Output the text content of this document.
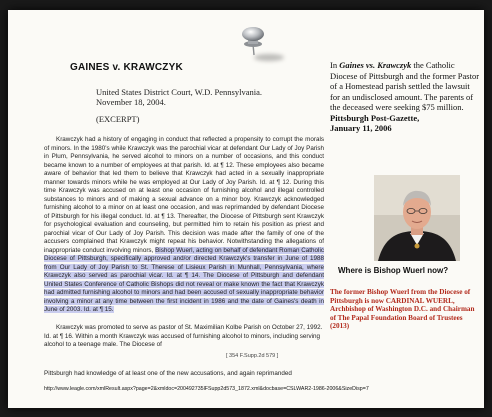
GAINES v. KRAWCZYK
United States District Court, W.D. Pennsylvania.
November 18, 2004.
(EXCERPT)

Krawczyk had a history of engaging in conduct that reflected a propensity to corrupt the morals of minors. In the 1980's while Krawczyk was the parochial vicar at defendant Our Lady of Joy Parish in Plum, Pennsylvania, he served alcohol to minors on a number of occasions, and this conduct became known to a number of employees at that parish. Id. at ¶ 12. These employees also became aware of behavior that led them to believe that Krawczyk had acted in a sexually inappropriate manner towards minors while he was employed at Our Lady of Joy Parish. Id. at ¶ 12. During this time Krawczyk was accused on at least one occasion of furnishing alcohol and illegal controlled substances to minors and of making a sexual advance on a minor boy. Krawczyk acknowledged furnishing alcohol to a minor on at least one occasion, and was reprimanded by defendant Diocese of Pittsburgh for his illegal conduct. Id. at ¶ 13. Thereafter, the Diocese of Pittsburgh sent Krawczyk for psychological evaluation and counseling, but permitted him to retain his position as priest and parochial vicar of Our Lady of Joy Parish. This decision was made after the family of one of the accusers complained that Krawczyk might repeat his behavior. Notwithstanding the allegations of inappropriate conduct involving minors, Bishop Wuerl, acting on behalf of defendant Roman Catholic Diocese of Pittsburgh, specifically approved and/or directed Krawczyk's transfer in June of 1988 from Our Lady of Joy Parish to St. Therese of Lisieux Parish in Munhall, Pennsylvania, where Krawczyk also served as parochial vicar. Id. at ¶ 14. The Diocese of Pittsburgh and defendant United States Conference of Catholic Bishops did not reveal or make known the fact that Krawczyk had admitted furnishing alcohol to minors and had been accused of sexually inappropriate behavior involving a minor at any time between the first incident in 1986 and the date of Gaines's death in June of 2003. Id. at ¶ 15.

Krawczyk was promoted to serve as pastor of St. Maximilian Kolbe Parish on October 27, 1992. Id. at ¶ 16. Within a month Krawczyk was accused of furnishing alcohol to minors, including serving alcohol to a teenage male. The Diocese of
[ 354 F.Supp.2d 579 ]
Pittsburgh had knowledge of at least one of the new accusations, and again reprimanded
http://www.leagle.com/xmlResult.aspx?page=2&xmldoc=200492735lFSupp2d573_1872.xml&docbase=CSLWAR2-1986-2006&SizeDisp=7
In Gaines vs. Krawczyk the Catholic Diocese of Pittsburgh and the former Pastor of a Homestead parish settled the lawsuit for an undisclosed amount. The parents of the deceased were seeking $75 million.
Pittsburgh Post-Gazette,
January 11, 2006
Where is Bishop Wuerl now?
The former Bishop Wuerl from the Diocese of Pittsburgh is now CARDINAL WUERL, Archbishop of Washington D.C. and Chairman of The Papal Foundation Board of Trustees (2013)
